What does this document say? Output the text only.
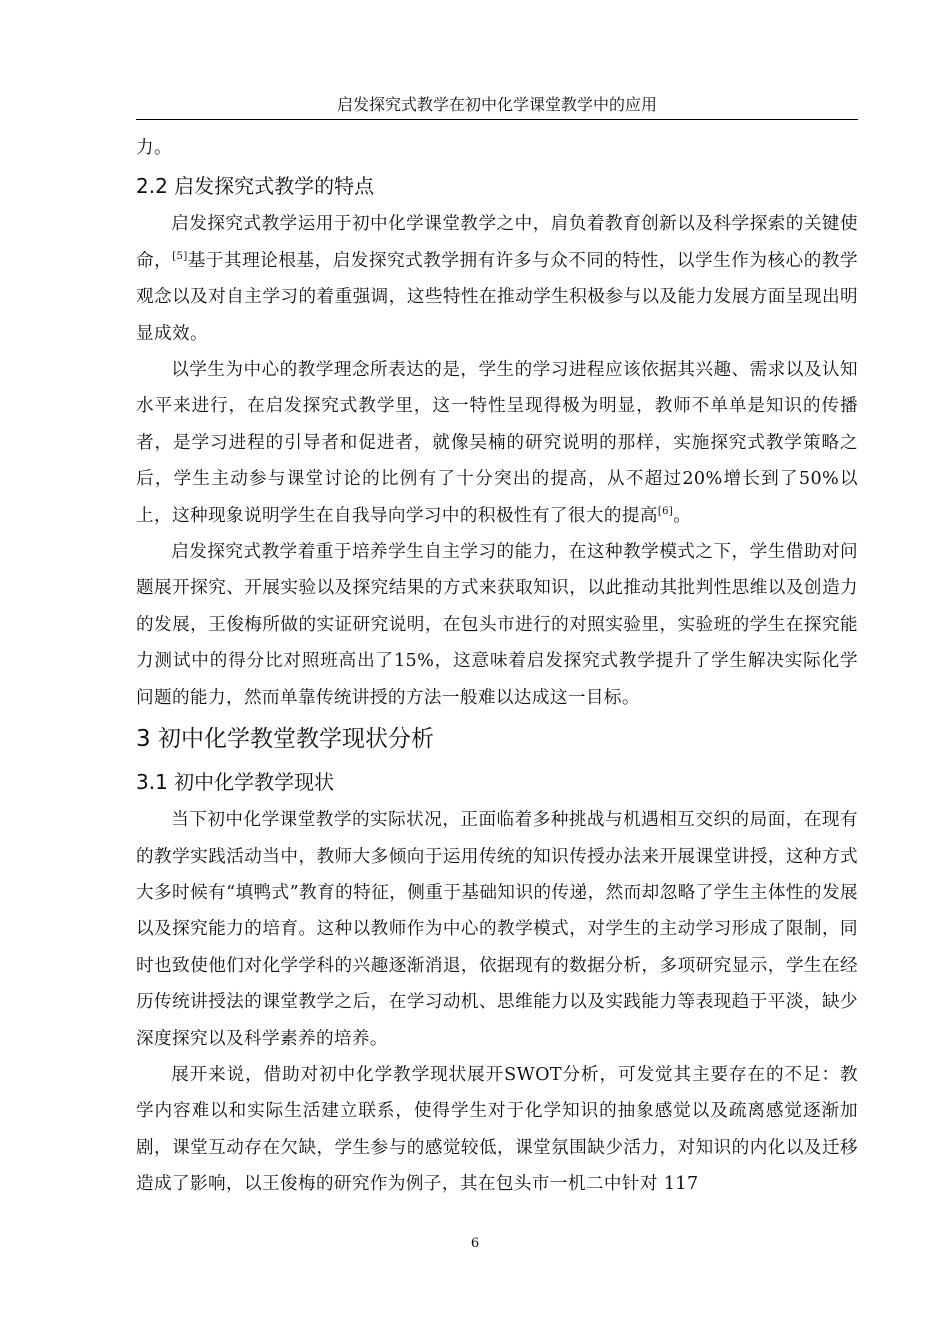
启发探究式教学在初中化学课堂教学中的应用

力。

2.2 启发探究式教学的特点

启发探究式教学运用于初中化学课堂教学之中，肩负着教育创新以及科学探索的关键使命，[5]基于其理论根基，启发探究式教学拥有许多与众不同的特性，以学生作为核心的教学观念以及对自主学习的着重强调，这些特性在推动学生积极参与以及能力发展方面呈现出明显成效。

以学生为中心的教学理念所表达的是，学生的学习进程应该依据其兴趣、需求以及认知水平来进行，在启发探究式教学里，这一特性呈现得极为明显，教师不单单是知识的传播者，是学习进程的引导者和促进者，就像吴楠的研究说明的那样，实施探究式教学策略之后，学生主动参与课堂讨论的比例有了十分突出的提高，从不超过20%增长到了50%以上，这种现象说明学生在自我导向学习中的积极性有了很大的提高[6]。

启发探究式教学着重于培养学生自主学习的能力，在这种教学模式之下，学生借助对问题展开探究、开展实验以及探究结果的方式来获取知识，以此推动其批判性思维以及创造力的发展，王俊梅所做的实证研究说明，在包头市进行的对照实验里，实验班的学生在探究能力测试中的得分比对照班高出了15%，这意味着启发探究式教学提升了学生解决实际化学问题的能力，然而单靠传统讲授的方法一般难以达成这一目标。

3 初中化学教堂教学现状分析
3.1 初中化学教学现状

当下初中化学课堂教学的实际状况，正面临着多种挑战与机遇相互交织的局面，在现有的教学实践活动当中，教师大多倾向于运用传统的知识传授办法来开展课堂讲授，这种方式大多时候有“填鸭式”教育的特征，侧重于基础知识的传递，然而却忽略了学生主体性的发展以及探究能力的培育。这种以教师作为中心的教学模式，对学生的主动学习形成了限制，同时也致使他们对化学学科的兴趣逐渐消退，依据现有的数据分析，多项研究显示，学生在经历传统讲授法的课堂教学之后，在学习动机、思维能力以及实践能力等表现趋于平淡，缺少深度探究以及科学素养的培养。

展开来说，借助对初中化学教学现状展开SWOT分析，可发觉其主要存在的不足：教学内容难以和实际生活建立联系，使得学生对于化学知识的抽象感觉以及疏离感觉逐渐加剧，课堂互动存在欠缺，学生参与的感觉较低，课堂氛围缺少活力，对知识的内化以及迁移造成了影响，以王俊梅的研究作为例子，其在包头市一机二中针对 117

6
